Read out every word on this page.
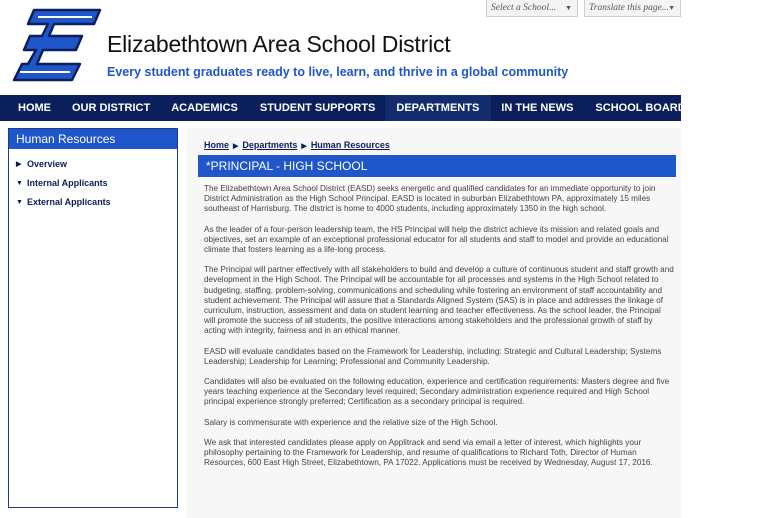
Elizabethtown Area School District
Every student graduates ready to live, learn, and thrive in a global community
Select a School... ▼	Translate this page... ▼
HOME	OUR DISTRICT	ACADEMICS	STUDENT SUPPORTS	DEPARTMENTS	IN THE NEWS	SCHOOL BOARD	INTRANET
Human Resources
▶ Overview
▼ Internal Applicants
▼ External Applicants
Home ▶ Departments ▶ Human Resources
*PRINCIPAL - HIGH SCHOOL

The Elizabethtown Area School District (EASD) seeks energetic and qualified candidates for an immediate opportunity to join District Administration as the High School Principal. EASD is located in suburban Elizabethtown PA, approximately 15 miles southeast of Harrisburg. The district is home to 4000 students, including approximately 1350 in the high school.

As the leader of a four-person leadership team, the HS Principal will help the district achieve its mission and related goals and objectives, set an example of an exceptional professional educator for all students and staff to model and provide an educational climate that fosters learning as a life-long process.

The Principal will partner effectively with all stakeholders to build and develop a culture of continuous student and staff growth and development in the High School. The Principal will be accountable for all processes and systems in the High School related to budgeting, staffing, problem-solving, communications and scheduling while fostering an environment of staff accountability and student achievement. The Principal will assure that a Standards Aligned System (SAS) is in place and addresses the linkage of curriculum, instruction, assessment and data on student learning and teacher effectiveness. As the school leader, the Principal will promote the success of all students, the positive interactions among stakeholders and the professional growth of staff by acting with integrity, fairness and in an ethical manner.

EASD will evaluate candidates based on the Framework for Leadership, including: Strategic and Cultural Leadership; Systems Leadership; Leadership for Learning; Professional and Community Leadership.

Candidates will also be evaluated on the following education, experience and certification requirements: Masters degree and five years teaching experience at the Secondary level required; Secondary administration experience required and High School principal experience strongly preferred; Certification as a secondary principal is required.

Salary is commensurate with experience and the relative size of the High School.

We ask that interested candidates please apply on Applitrack and send via email a letter of interest, which highlights your philosophy pertaining to the Framework for Leadership, and resume of qualifications to Richard Toth, Director of Human Resources, 600 East High Street, Elizabethtown, PA 17022. Applications must be received by Wednesday, August 17, 2016.
